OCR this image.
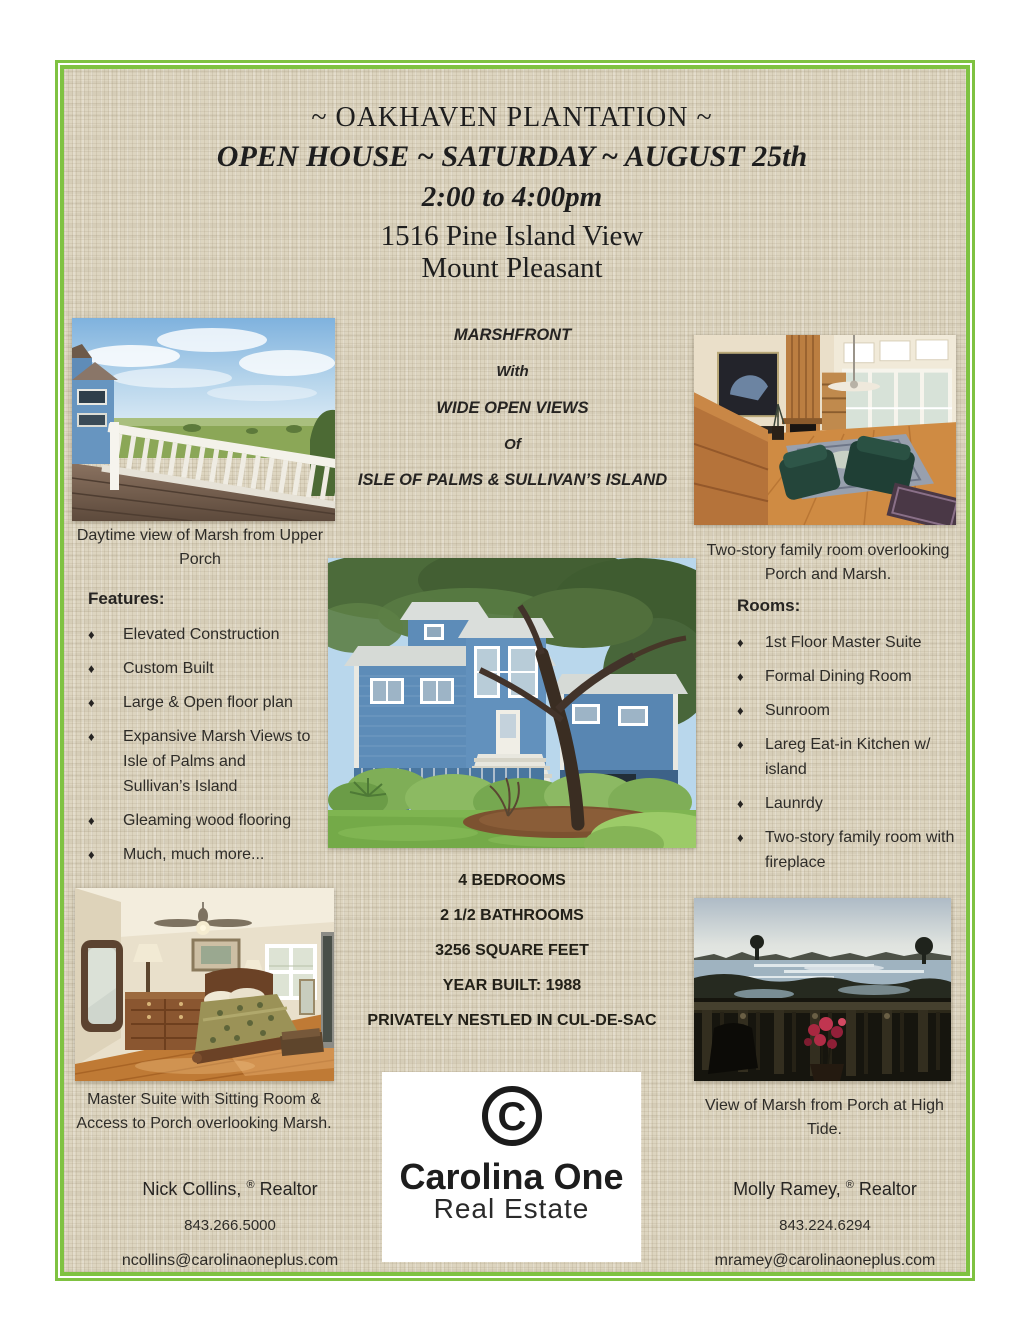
~ OAKHAVEN PLANTATION ~
OPEN HOUSE ~ SATURDAY ~ AUGUST 25th
2:00 to 4:00pm
1516 Pine Island View
Mount Pleasant
MARSHFRONT
With
WIDE OPEN VIEWS
Of
ISLE OF PALMS & SULLIVAN’S ISLAND
Daytime view of Marsh from Upper Porch
Two-story family room overlooking Porch and Marsh.
Features:
♦	Elevated Construction
♦	Custom Built
♦	Large & Open floor plan
♦	Expansive Marsh Views to Isle of Palms and Sullivan’s Island
♦	Gleaming wood flooring
♦	Much, much more...
Rooms:
♦	1st Floor Master Suite
♦	Formal Dining Room
♦	Sunroom
♦	Lareg Eat-in Kitchen w/ island
♦	Launrdy
♦	Two-story family room with fireplace
4 BEDROOMS
2 1/2 BATHROOMS
3256 SQUARE FEET
YEAR BUILT: 1988
PRIVATELY NESTLED IN CUL-DE-SAC
Master Suite with Sitting Room & Access to Porch overlooking Marsh.
View of Marsh from Porch at High Tide.
C
Carolina One
Real Estate
Nick Collins, ® Realtor
843.266.5000
ncollins@carolinaoneplus.com
Molly Ramey, ® Realtor
843.224.6294
mramey@carolinaoneplus.com
